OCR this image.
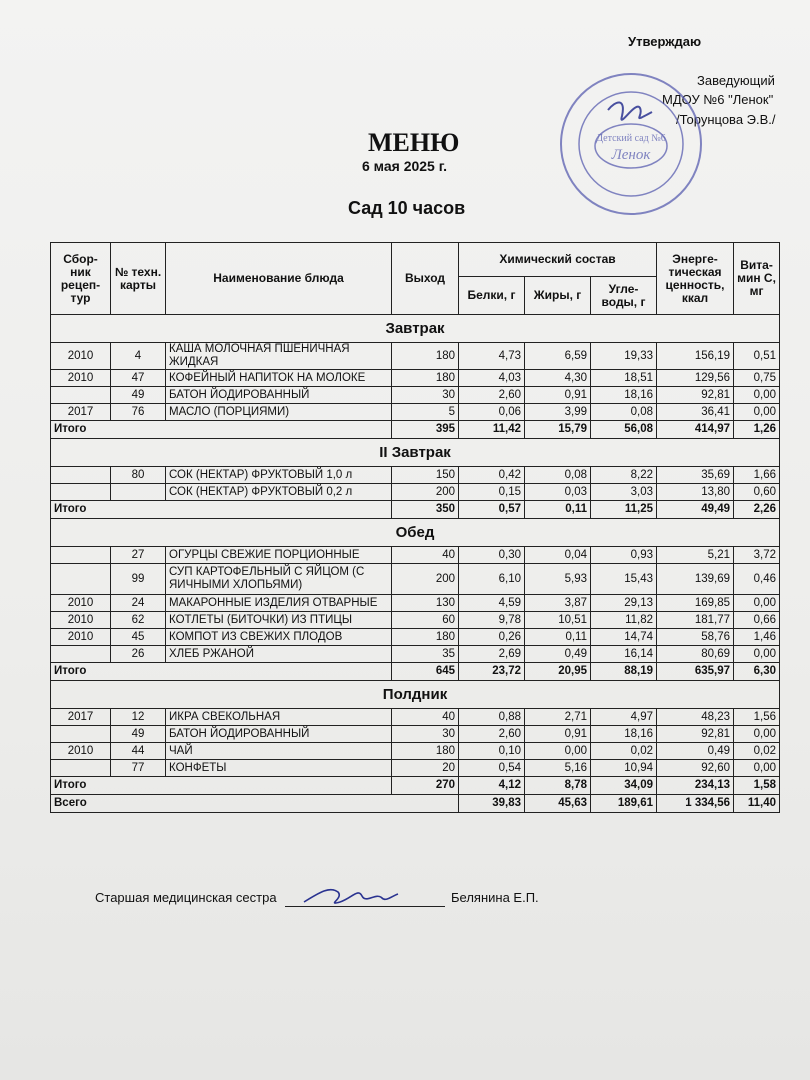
Утверждаю
Заведующий
МДОУ №6 "Ленок"
/Торунцова Э.В./
Детский сад №6
Ленок
МЕНЮ
6 мая 2025 г.
Сад 10 часов
Сбор-ник рецеп-тур	№ техн. карты	Наименование блюда	Выход	Химический состав			Энерге-тическая ценность, ккал	Вита-мин С, мг
				Белки, г	Жиры, г	Угле-воды, г		
Завтрак								
2010	4	КАША МОЛОЧНАЯ ПШЕНИЧНАЯ ЖИДКАЯ	180	4,73	6,59	19,33	156,19	0,51
2010	47	КОФЕЙНЫЙ НАПИТОК НА МОЛОКЕ	180	4,03	4,30	18,51	129,56	0,75
	49	БАТОН ЙОДИРОВАННЫЙ	30	2,60	0,91	18,16	92,81	0,00
2017	76	МАСЛО (ПОРЦИЯМИ)	5	0,06	3,99	0,08	36,41	0,00
Итого			395	11,42	15,79	56,08	414,97	1,26
II Завтрак								
	80	СОК (НЕКТАР) ФРУКТОВЫЙ 1,0 л	150	0,42	0,08	8,22	35,69	1,66
		СОК (НЕКТАР) ФРУКТОВЫЙ 0,2 л	200	0,15	0,03	3,03	13,80	0,60
Итого			350	0,57	0,11	11,25	49,49	2,26
Обед								
	27	ОГУРЦЫ СВЕЖИЕ ПОРЦИОННЫЕ	40	0,30	0,04	0,93	5,21	3,72
	99	СУП КАРТОФЕЛЬНЫЙ С ЯЙЦОМ (С ЯИЧНЫМИ ХЛОПЬЯМИ)	200	6,10	5,93	15,43	139,69	0,46
2010	24	МАКАРОННЫЕ ИЗДЕЛИЯ ОТВАРНЫЕ	130	4,59	3,87	29,13	169,85	0,00
2010	62	КОТЛЕТЫ (БИТОЧКИ) ИЗ ПТИЦЫ	60	9,78	10,51	11,82	181,77	0,66
2010	45	КОМПОТ ИЗ СВЕЖИХ ПЛОДОВ	180	0,26	0,11	14,74	58,76	1,46
	26	ХЛЕБ РЖАНОЙ	35	2,69	0,49	16,14	80,69	0,00
Итого			645	23,72	20,95	88,19	635,97	6,30
Полдник								
2017	12	ИКРА СВЕКОЛЬНАЯ	40	0,88	2,71	4,97	48,23	1,56
	49	БАТОН ЙОДИРОВАННЫЙ	30	2,60	0,91	18,16	92,81	0,00
2010	44	ЧАЙ	180	0,10	0,00	0,02	0,49	0,02
	77	КОНФЕТЫ	20	0,54	5,16	10,94	92,60	0,00
Итого			270	4,12	8,78	34,09	234,13	1,58
Всего				39,83	45,63	189,61	1 334,56	11,40
Старшая медицинская сестра	Белянина Е.П.
